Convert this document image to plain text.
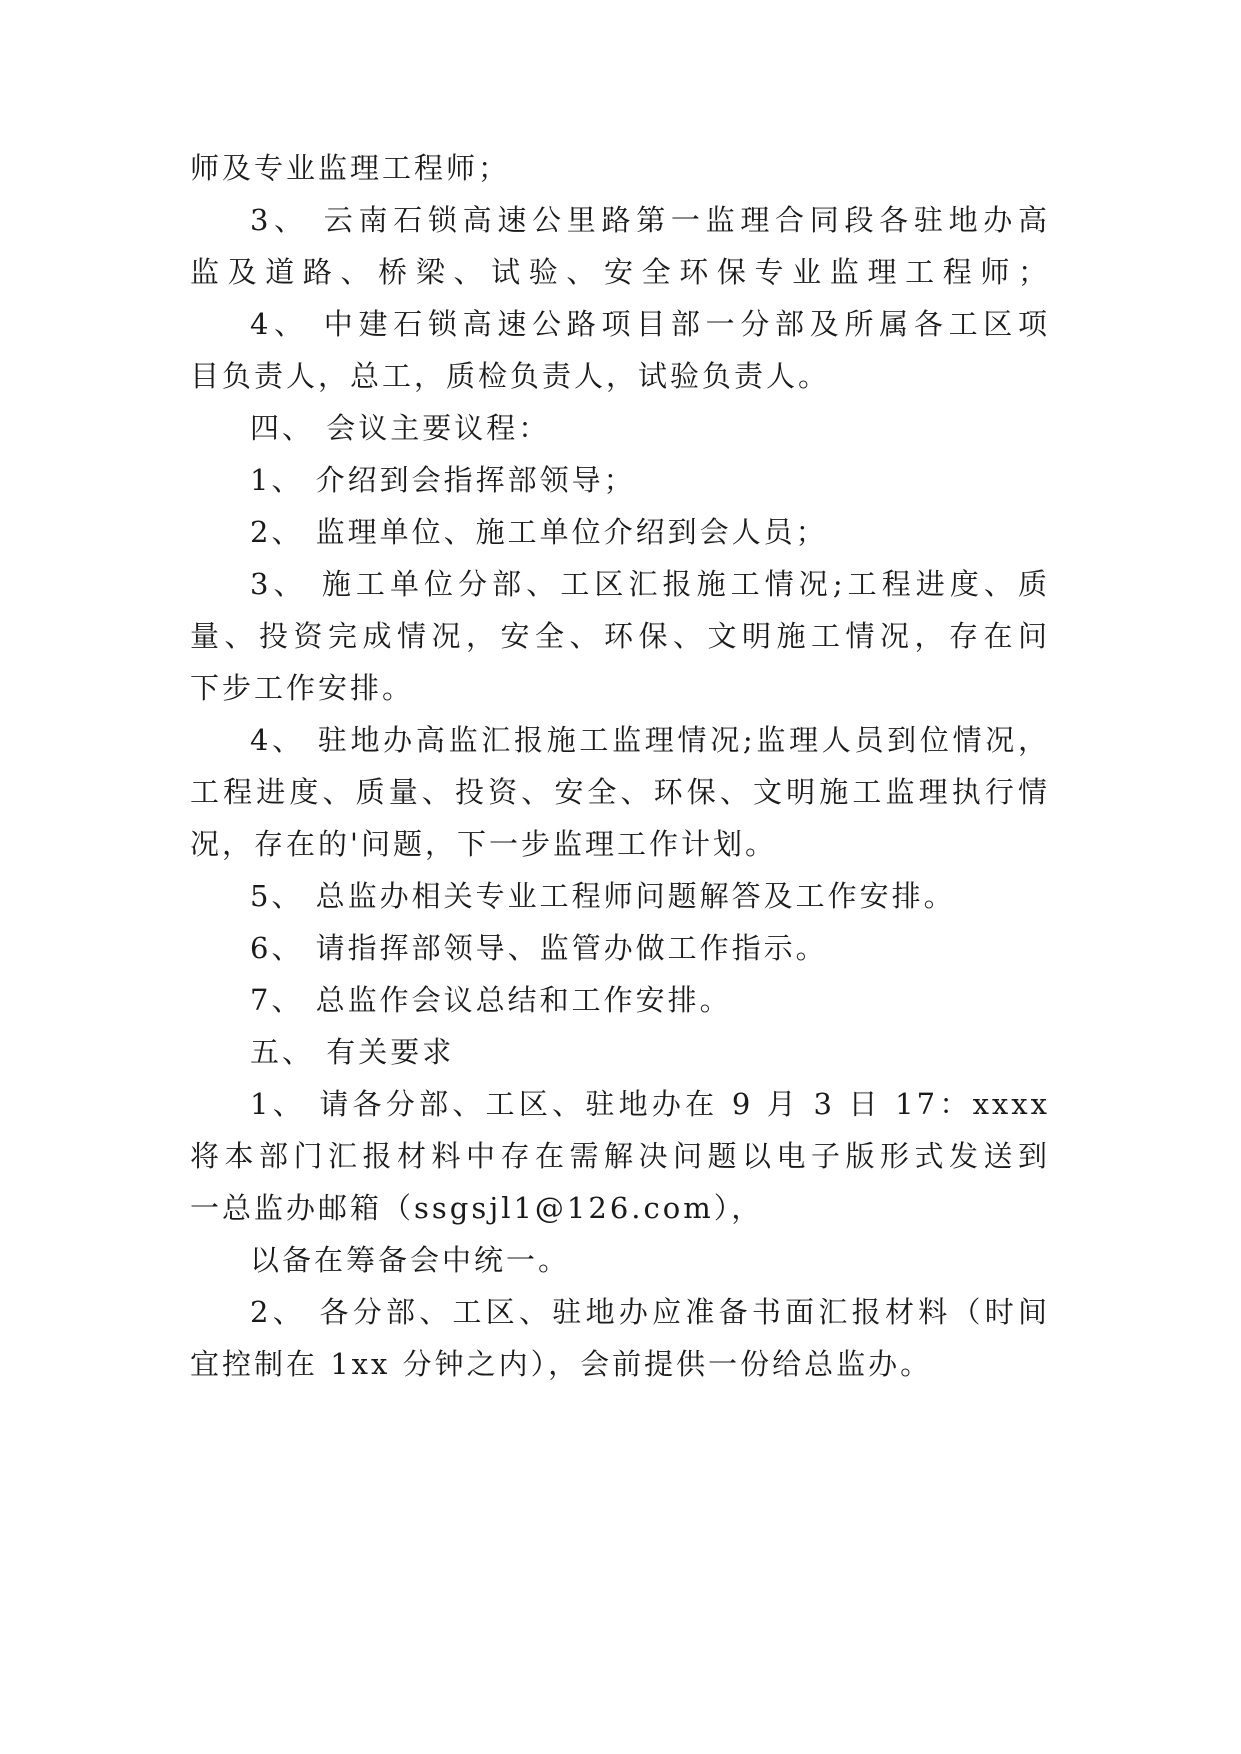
师及专业监理工程师；
3、 云南石锁高速公里路第一监理合同段各驻地办高
监及道路、桥梁、试验、安全环保专业监理工程师；
4、 中建石锁高速公路项目部一分部及所属各工区项
目负责人，总工，质检负责人，试验负责人。
四、 会议主要议程：
1、 介绍到会指挥部领导；
2、 监理单位、施工单位介绍到会人员；
3、 施工单位分部、工区汇报施工情况;工程进度、质
量、投资完成情况，安全、环保、文明施工情况，存在问
下步工作安排。
4、 驻地办高监汇报施工监理情况;监理人员到位情况，
工程进度、质量、投资、安全、环保、文明施工监理执行情
况，存在的'问题，下一步监理工作计划。
5、 总监办相关专业工程师问题解答及工作安排。
6、 请指挥部领导、监管办做工作指示。
7、 总监作会议总结和工作安排。
五、 有关要求
1、 请各分部、工区、驻地办在 9 月 3 日 17：xxxx
将本部门汇报材料中存在需解决问题以电子版形式发送到
一总监办邮箱（ssgsjl1@126.com），
以备在筹备会中统一。
2、 各分部、工区、驻地办应准备书面汇报材料（时间
宜控制在 1xx 分钟之内），会前提供一份给总监办。
